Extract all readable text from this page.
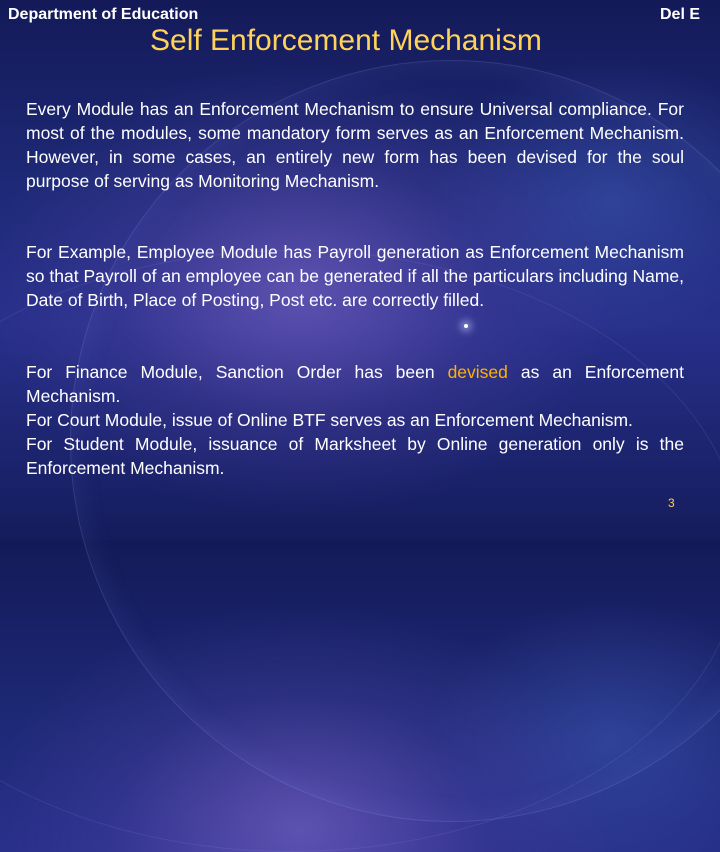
Department of Education	Del E
Self Enforcement Mechanism
Every Module has an Enforcement Mechanism to ensure Universal compliance. For most of the modules, some mandatory form serves as an Enforcement Mechanism. However, in some cases, an entirely new form has been devised for the soul purpose of serving as Monitoring Mechanism.
For Example, Employee Module has Payroll generation as Enforcement Mechanism so that Payroll of an employee can be generated if all the particulars including Name, Date of Birth, Place of Posting, Post etc. are correctly filled.
For Finance Module, Sanction Order has been devised as an Enforcement Mechanism.
For Court Module, issue of Online BTF serves as an Enforcement Mechanism.
For Student Module, issuance of Marksheet by Online generation only is the Enforcement Mechanism.
3
